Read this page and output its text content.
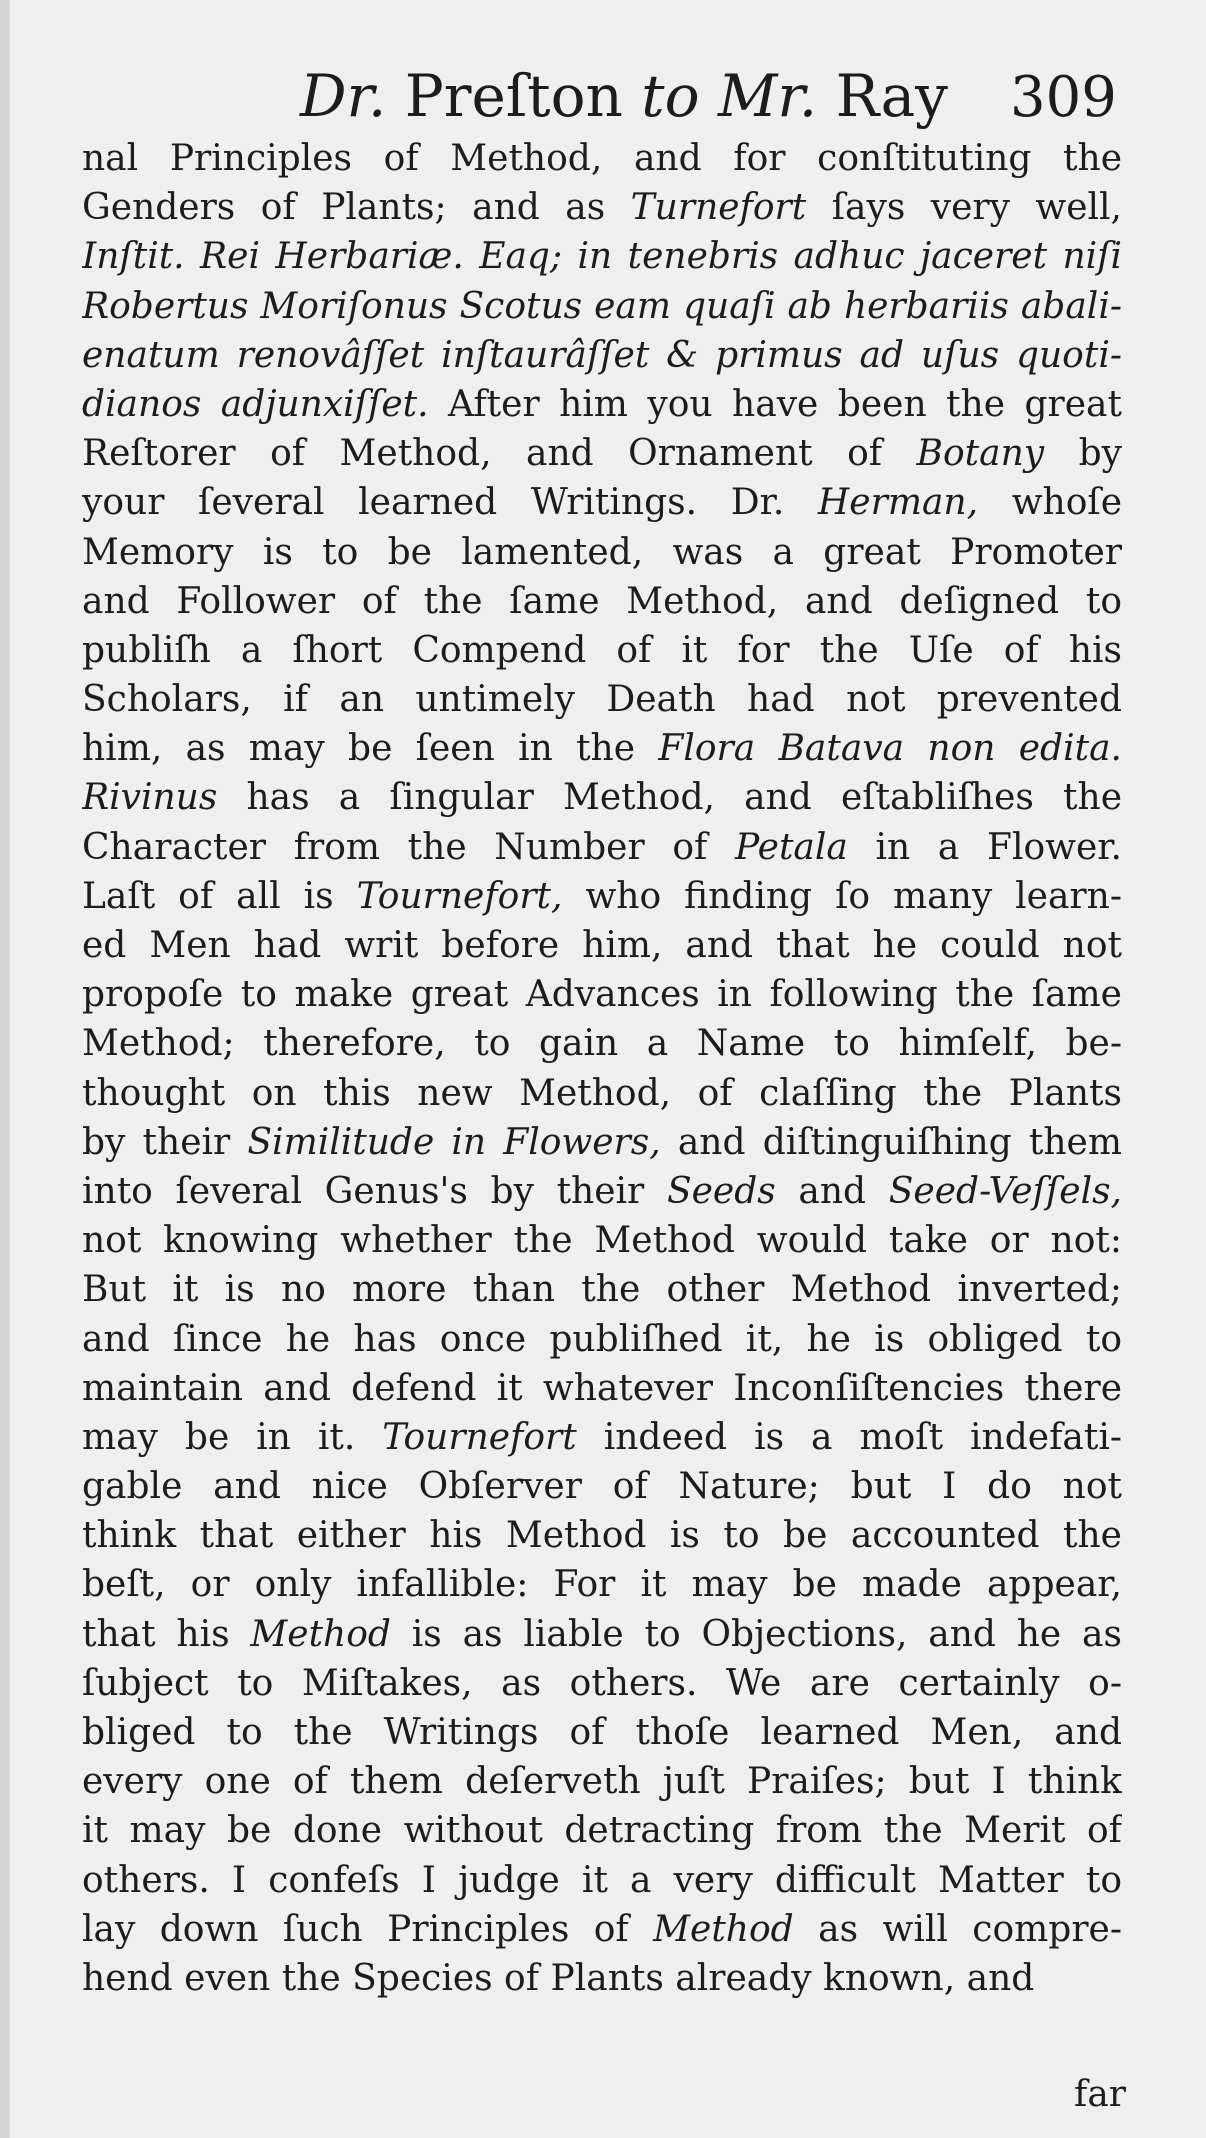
Dr. Preſton to Mr. Ray 309
nal Principles of Method, and for conſtituting the
Genders of Plants; and as Turnefort ſays very well,
Inſtit. Rei Herbariæ. Eaq; in tenebris adhuc jaceret niſi
Robertus Moriſonus Scotus eam quaſi ab herbariis abali-
enatum renovâſſet inſtaurâſſet & primus ad uſus quoti-
dianos adjunxiſſet. After him you have been the great
Reſtorer of Method, and Ornament of Botany by
your ſeveral learned Writings. Dr. Herman, whoſe
Memory is to be lamented, was a great Promoter
and Follower of the ſame Method, and deſigned to
publiſh a ſhort Compend of it for the Uſe of his
Scholars, if an untimely Death had not prevented
him, as may be ſeen in the Flora Batava non edita.
Rivinus has a ſingular Method, and eſtabliſhes the
Character from the Number of Petala in a Flower.
Laſt of all is Tournefort, who finding ſo many learn-
ed Men had writ before him, and that he could not
propoſe to make great Advances in following the ſame
Method; therefore, to gain a Name to himſelf, be-
thought on this new Method, of claſſing the Plants
by their Similitude in Flowers, and diſtinguiſhing them
into ſeveral Genus's by their Seeds and Seed-Veſſels,
not knowing whether the Method would take or not:
But it is no more than the other Method inverted;
and ſince he has once publiſhed it, he is obliged to
maintain and defend it whatever Inconſiſtencies there
may be in it. Tournefort indeed is a moſt indefati-
gable and nice Obſerver of Nature; but I do not
think that either his Method is to be accounted the
beſt, or only infallible: For it may be made appear,
that his Method is as liable to Objections, and he as
ſubject to Miſtakes, as others. We are certainly o-
bliged to the Writings of thoſe learned Men, and
every one of them deſerveth juſt Praiſes; but I think
it may be done without detracting from the Merit of
others. I confeſs I judge it a very difficult Matter to
lay down ſuch Principles of Method as will compre-
hend even the Species of Plants already known, and
far
